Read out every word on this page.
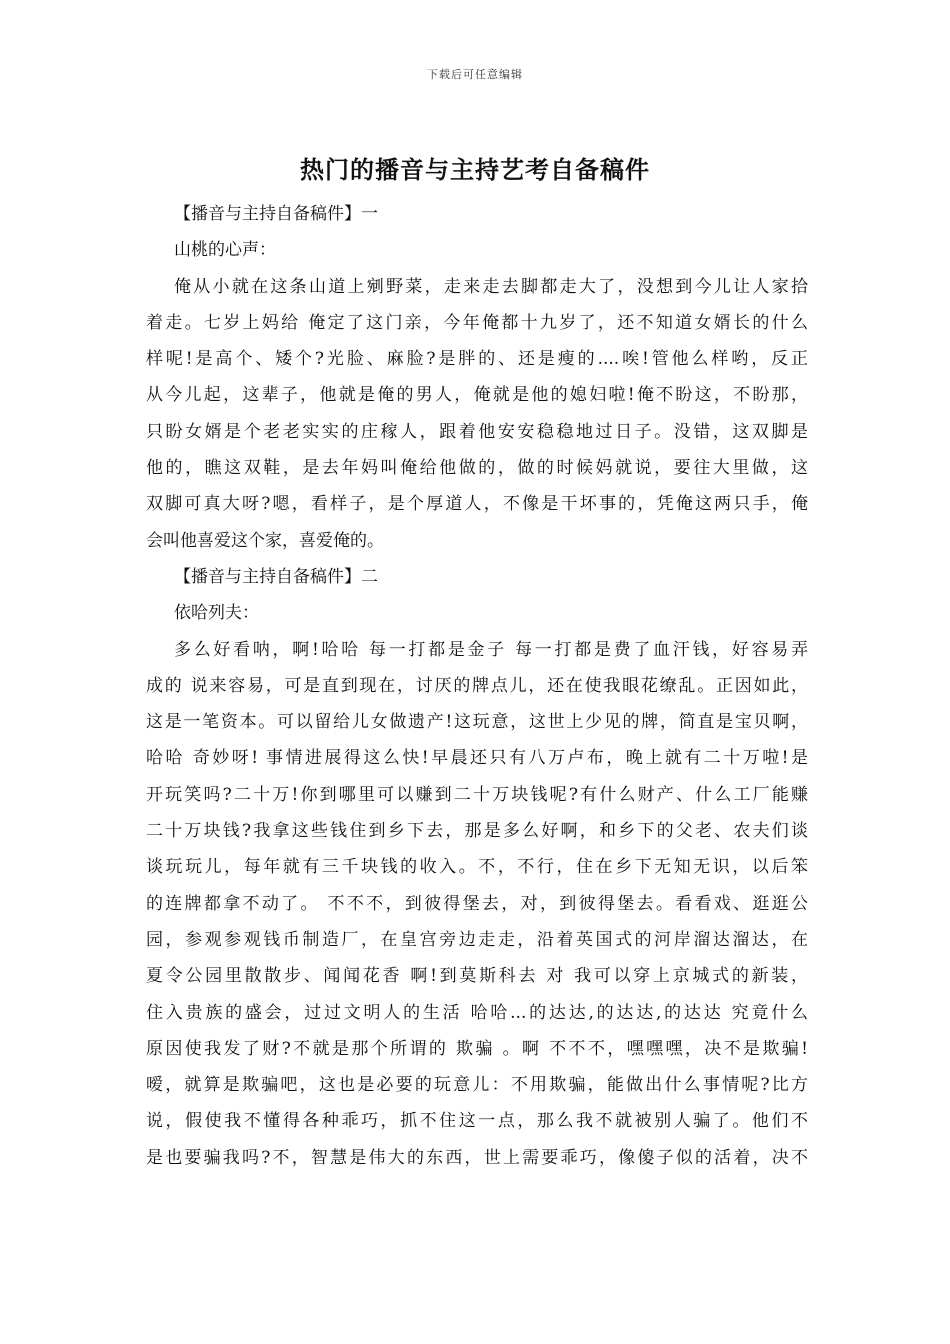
下载后可任意编辑
热门的播音与主持艺考自备稿件
【播音与主持自备稿件】一
山桃的心声：
俺从小就在这条山道上剜野菜，走来走去脚都走大了，没想到今儿让人家拾
着走。七岁上妈给 俺定了这门亲，今年俺都十九岁了，还不知道女婿长的什么
样呢!是高个、矮个?光脸、麻脸?是胖的、还是瘦的....唉!管他么样哟，反正
从今儿起，这辈子，他就是俺的男人，俺就是他的媳妇啦!俺不盼这，不盼那，
只盼女婿是个老老实实的庄稼人，跟着他安安稳稳地过日子。没错，这双脚是
他的，瞧这双鞋，是去年妈叫俺给他做的，做的时候妈就说，要往大里做，这
双脚可真大呀?嗯，看样子，是个厚道人，不像是干坏事的，凭俺这两只手，俺
会叫他喜爱这个家，喜爱俺的。
【播音与主持自备稿件】二
依哈列夫：
多么好看呐，啊!哈哈 每一打都是金子 每一打都是费了血汗钱，好容易弄
成的 说来容易，可是直到现在，讨厌的牌点儿，还在使我眼花缭乱。正因如此，
这是一笔资本。可以留给儿女做遗产!这玩意，这世上少见的牌，简直是宝贝啊，
哈哈 奇妙呀! 事情进展得这么快!早晨还只有八万卢布，晚上就有二十万啦!是
开玩笑吗?二十万!你到哪里可以赚到二十万块钱呢?有什么财产、什么工厂能赚
二十万块钱?我拿这些钱住到乡下去，那是多么好啊，和乡下的父老、农夫们谈
谈玩玩儿，每年就有三千块钱的收入。不，不行，住在乡下无知无识，以后笨
的连牌都拿不动了。 不不不，到彼得堡去，对，到彼得堡去。看看戏、逛逛公
园，参观参观钱币制造厂，在皇宫旁边走走，沿着英国式的河岸溜达溜达，在
夏令公园里散散步、闻闻花香 啊!到莫斯科去 对 我可以穿上京城式的新装，
住入贵族的盛会，过过文明人的生活 哈哈...的达达,的达达,的达达 究竟什么
原因使我发了财?不就是那个所谓的 欺骗 。啊 不不不，嘿嘿嘿，决不是欺骗!
嗳，就算是欺骗吧，这也是必要的玩意儿：不用欺骗，能做出什么事情呢?比方
说，假使我不懂得各种乖巧，抓不住这一点，那么我不就被别人骗了。他们不
是也要骗我吗?不，智慧是伟大的东西，世上需要乖巧，像傻子似的活着，决不
